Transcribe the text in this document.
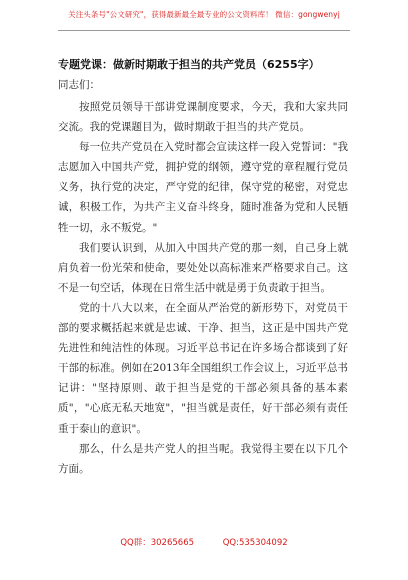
关注头条号"公文研究"，获得最新最全最专业的公文资料库！ 微信：gongwenyj
专题党课：做新时期敢于担当的共产党员（6255字）
同志们：

按照党员领导干部讲党课制度要求，今天，我和大家共同交流。我的党课题目为，做时期敢于担当的共产党员。

每一位共产党员在入党时都会宣读这样一段入党誓词："我志愿加入中国共产党，拥护党的纲领，遵守党的章程履行党员义务，执行党的决定，严守党的纪律，保守党的秘密，对党忠诚，积极工作，为共产主义奋斗终身，随时准备为党和人民牺牲一切，永不叛党。"

我们要认识到，从加入中国共产党的那一刻，自己身上就肩负着一份光荣和使命，要处处以高标准来严格要求自己。这不是一句空话，体现在日常生活中就是勇于负责敢于担当。

党的十八大以来，在全面从严治党的新形势下，对党员干部的要求概括起来就是忠诚、干净、担当，这正是中国共产党先进性和纯洁性的体现。习近平总书记在许多场合都谈到了好干部的标准。例如在2013年全国组织工作会议上，习近平总书记讲："坚持原则、敢于担当是党的干部必须具备的基本素质"，"心底无私天地宽"，"担当就是责任，好干部必须有责任重于泰山的意识"。

那么，什么是共产党人的担当呢。我觉得主要在以下几个方面。

QQ群：30265665	QQ:535304092
